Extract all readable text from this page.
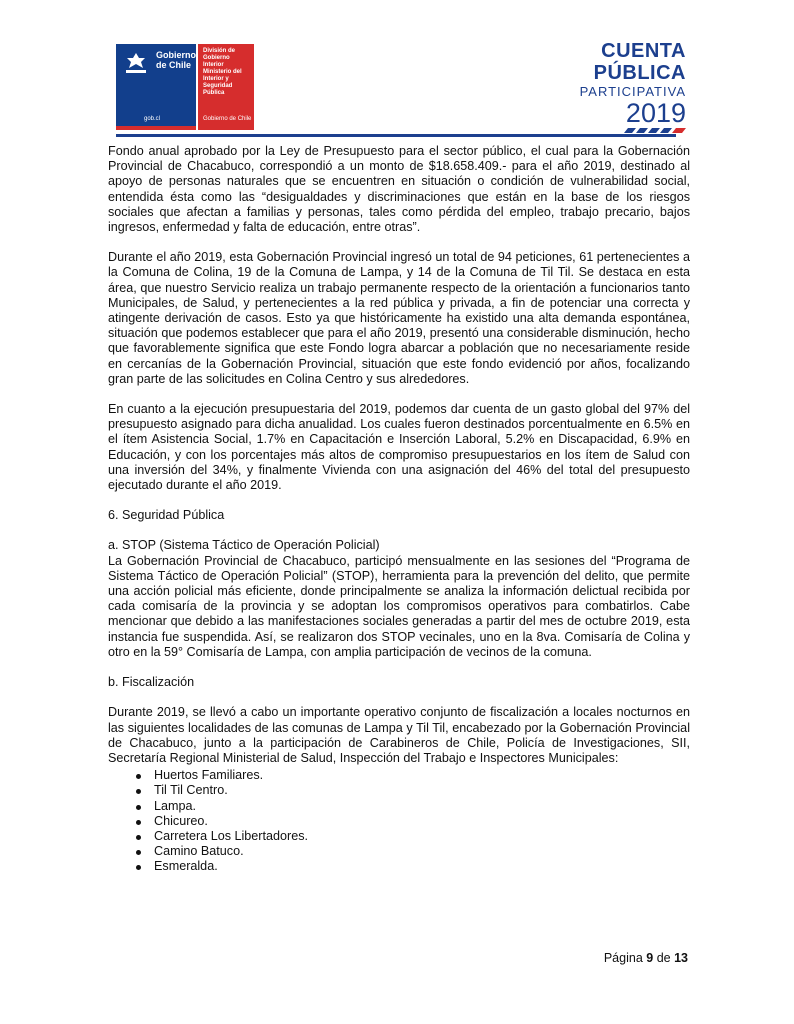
Gobierno de Chile
gob.cl
División de Gobierno Interior Ministerio del Interior y Seguridad Pública
Gobierno de Chile
CUENTA
PÚBLICA
PARTICIPATIVA
2019

Fondo anual aprobado por la Ley de Presupuesto para el sector público, el cual para la Gobernación Provincial de Chacabuco, correspondió a un monto de $18.658.409.- para el año 2019, destinado al apoyo de personas naturales que se encuentren en situación o condición de vulnerabilidad social, entendida ésta como las “desigualdades y discriminaciones que están en la base de los riesgos sociales que afectan a familias y personas, tales como pérdida del empleo, trabajo precario, bajos ingresos, enfermedad y falta de educación, entre otras”.

Durante el año 2019, esta Gobernación Provincial ingresó un total de 94 peticiones, 61 pertenecientes a la Comuna de Colina, 19 de la Comuna de Lampa, y 14 de la Comuna de Til Til. Se destaca en esta área, que nuestro Servicio realiza un trabajo permanente respecto de la orientación a funcionarios tanto Municipales, de Salud, y pertenecientes a la red pública y privada, a fin de potenciar una correcta y atingente derivación de casos. Esto ya que históricamente ha existido una alta demanda espontánea, situación que podemos establecer que para el año 2019, presentó una considerable disminución, hecho que favorablemente significa que este Fondo logra abarcar a población que no necesariamente reside en cercanías de la Gobernación Provincial, situación que este fondo evidenció por años, focalizando gran parte de las solicitudes en Colina Centro y sus alrededores.

En cuanto a la ejecución presupuestaria del 2019, podemos dar cuenta de un gasto global del 97% del presupuesto asignado para dicha anualidad. Los cuales fueron destinados porcentualmente en 6.5% en el ítem Asistencia Social, 1.7% en Capacitación e Inserción Laboral, 5.2% en Discapacidad, 6.9% en Educación, y con los porcentajes más altos de compromiso presupuestarios en los ítem de Salud con una inversión del 34%, y finalmente Vivienda con una asignación del 46% del total del presupuesto ejecutado durante el año 2019.

6. Seguridad Pública

a. STOP (Sistema Táctico de Operación Policial)

La Gobernación Provincial de Chacabuco, participó mensualmente en las sesiones del “Programa de Sistema Táctico de Operación Policial” (STOP), herramienta para la prevención del delito, que permite una acción policial más eficiente, donde principalmente se analiza la información delictual recibida por cada comisaría de la provincia y se adoptan los compromisos operativos para combatirlos. Cabe mencionar que debido a las manifestaciones sociales generadas a partir del mes de octubre 2019, esta instancia fue suspendida. Así, se realizaron dos STOP vecinales, uno en la 8va. Comisaría de Colina y otro en la 59° Comisaría de Lampa, con amplia participación de vecinos de la comuna.

b. Fiscalización

Durante 2019, se llevó a cabo un importante operativo conjunto de fiscalización a locales nocturnos en las siguientes localidades de las comunas de Lampa y Til Til, encabezado por la Gobernación Provincial de Chacabuco, junto a la participación de Carabineros de Chile, Policía de Investigaciones, SII, Secretaría Regional Ministerial de Salud, Inspección del Trabajo e Inspectores Municipales:

Huertos Familiares.
Til Til Centro.
Lampa.
Chicureo.
Carretera Los Libertadores.
Camino Batuco.
Esmeralda.
Página 9 de 13
